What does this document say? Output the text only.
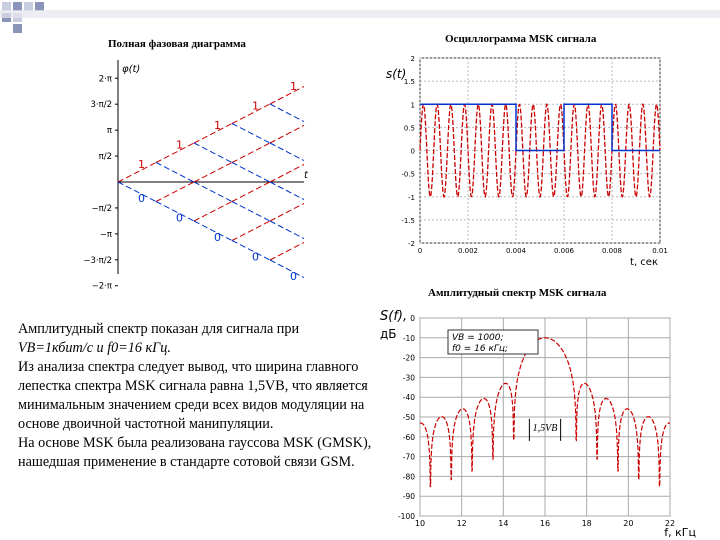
Полная фазовая диаграмма	Осциллограмма MSK сигнала
Амплитудный спектр MSK сигнала
φ(t)
t
2·π
3·π/2
π
π/2
−π/2
−π
−3·π/2
−2·π
1
0
1
0
1
0
1
0
1
0
2
1.5
1
0.5
0
-0.5
-1
-1.5
-2
0	0.002	0.004	0.006	0.008	0.01
s(t)
t, сек
0
-10
-20
-30
-40
-50
-60
-70
-80
-90
-100
10	12	14	16	18	20	22
S(f),
дБ
f, кГц
VB = 1000;
f0 = 16 кГц;
1,5VB

Амплитудный спектр показан для сигнала при

VB=1кбит/с и f0=16 кГц.

Из анализа спектра следует вывод, что ширина главного лепестка спектра MSK сигнала равна 1,5VB, что является минимальным значением среди всех видов модуляции на основе двоичной частотной манипуляции.

На основе MSK была реализована гауссова MSK (GMSK), нашедшая применение в стандарте сотовой связи GSM.
